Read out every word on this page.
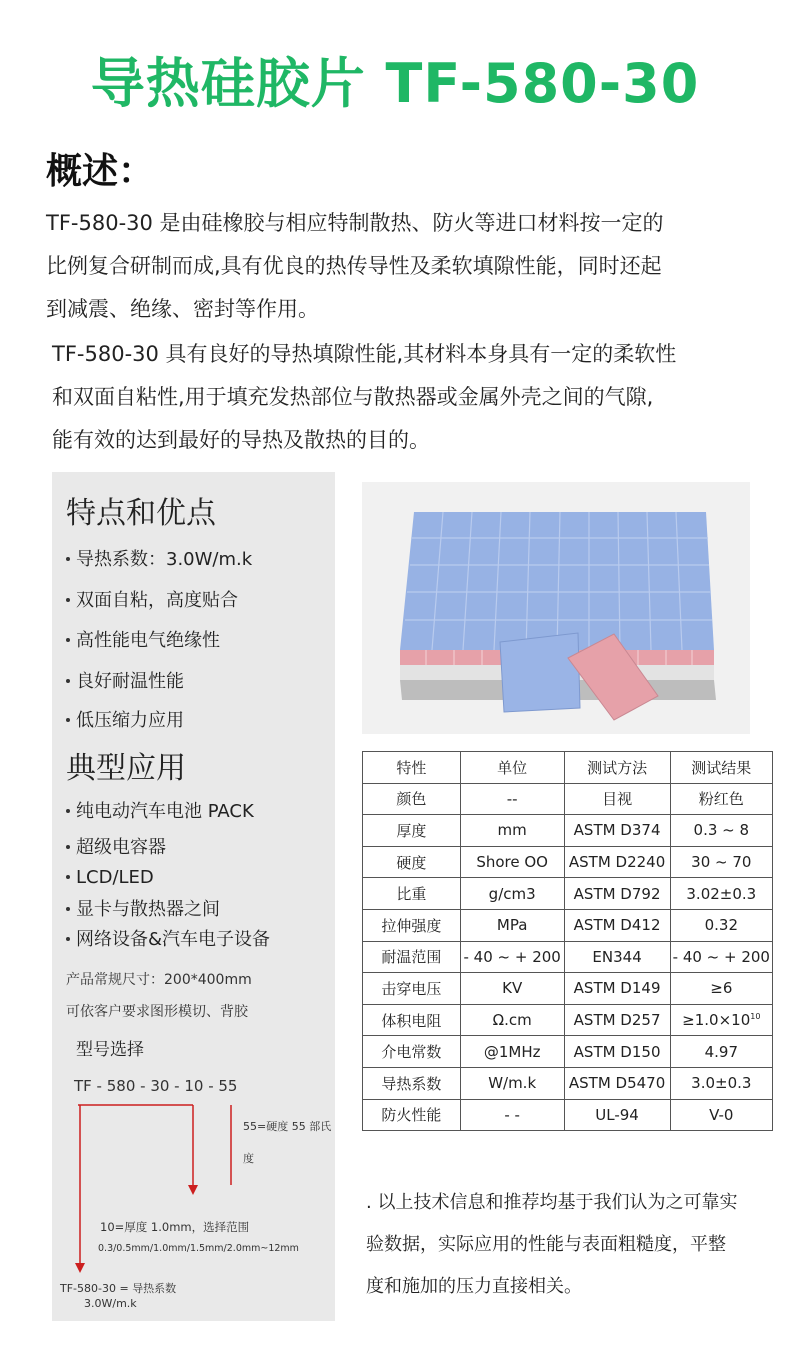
导热硅胶片 TF-580-30
概述：
TF-580-30 是由硅橡胶与相应特制散热、防火等进口材料按一定的
比例复合研制而成,具有优良的热传导性及柔软填隙性能，同时还起
到减震、绝缘、密封等作用。
TF-580-30 具有良好的导热填隙性能,其材料本身具有一定的柔软性
和双面自粘性,用于填充发热部位与散热器或金属外壳之间的气隙,
能有效的达到最好的导热及散热的目的。
特点和优点
导热系数：3.0W/m.k
双面自粘，高度贴合
高性能电气绝缘性
良好耐温性能
低压缩力应用
典型应用
纯电动汽车电池 PACK
超级电容器
LCD/LED
显卡与散热器之间
网络设备&汽车电子设备
产品常规尺寸：200*400mm
可依客户要求图形模切、背胶
型号选择
TF - 580 - 30 - 10 - 55
55=硬度 55 部氏
度
10=厚度 1.0mm，选择范围
0.3/0.5mm/1.0mm/1.5mm/2.0mm~12mm
TF-580-30 = 导热系数
3.0W/m.k
特性	单位	测试方法	测试结果
颜色	--	目视	粉红色
厚度	mm	ASTM D374	0.3 ~ 8
硬度	Shore OO	ASTM D2240	30 ~ 70
比重	g/cm3	ASTM D792	3.02±0.3
拉伸强度	MPa	ASTM D412	0.32
耐温范围	- 40 ~ + 200	EN344	- 40 ~ + 200
击穿电压	KV	ASTM D149	≥6
体积电阻	Ω.cm	ASTM D257	$\ge 1.0\times 10^{10}$
介电常数	@1MHz	ASTM D150	4.97
导热系数	W/m.k	ASTM D5470	3.0±0.3
防火性能	- -	UL-94	V-0
. 以上技术信息和推荐均基于我们认为之可靠实
验数据，实际应用的性能与表面粗糙度，平整
度和施加的压力直接相关。
